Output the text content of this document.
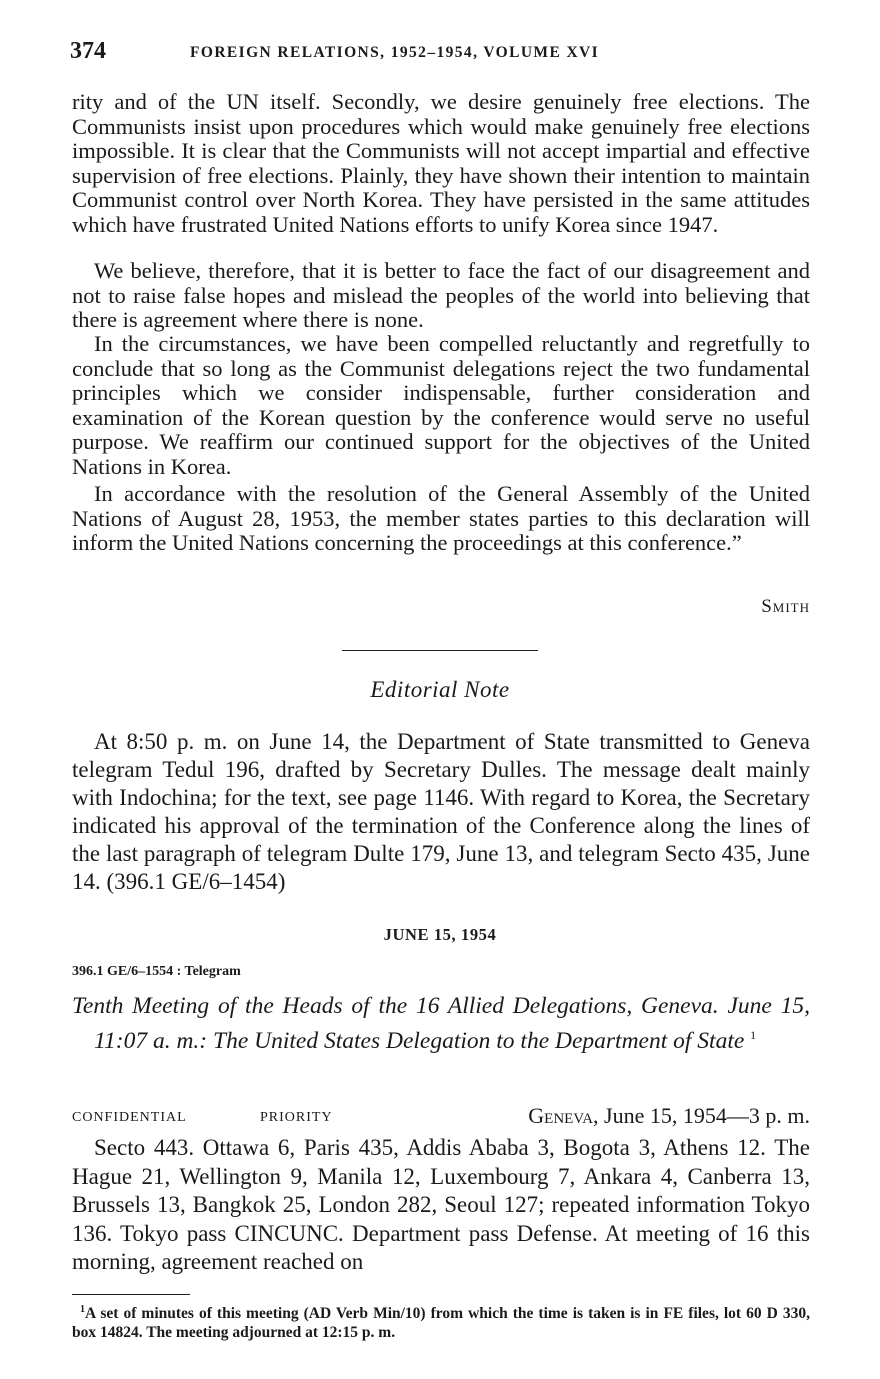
374	FOREIGN RELATIONS, 1952–1954, VOLUME XVI

rity and of the UN itself. Secondly, we desire genuinely free elections. The Communists insist upon procedures which would make genuinely free elections impossible. It is clear that the Communists will not accept impartial and effective supervision of free elections. Plainly, they have shown their intention to maintain Communist control over North Korea. They have persisted in the same attitudes which have frustrated United Nations efforts to unify Korea since 1947.

We believe, therefore, that it is better to face the fact of our disagreement and not to raise false hopes and mislead the peoples of the world into believing that there is agreement where there is none.

In the circumstances, we have been compelled reluctantly and regretfully to conclude that so long as the Communist delegations reject the two fundamental principles which we consider indispensable, further consideration and examination of the Korean question by the conference would serve no useful purpose. We reaffirm our continued support for the objectives of the United Nations in Korea.

In accordance with the resolution of the General Assembly of the United Nations of August 28, 1953, the member states parties to this declaration will inform the United Nations concerning the proceedings at this conference.”

Smith
Editorial Note

At 8:50 p. m. on June 14, the Department of State transmitted to Geneva telegram Tedul 196, drafted by Secretary Dulles. The message dealt mainly with Indochina; for the text, see page 1146. With regard to Korea, the Secretary indicated his approval of the termination of the Conference along the lines of the last paragraph of telegram Dulte 179, June 13, and telegram Secto 435, June 14. (396.1 GE/6–1454)

JUNE 15, 1954
396.1 GE/6–1554 : Telegram

Tenth Meeting of the Heads of the 16 Allied Delegations, Geneva. June 15, 11:07 a. m.: The United States Delegation to the Department of State $^1$

CONFIDENTIAL	PRIORITY	Geneva, June 15, 1954—3 p. m.

Secto 443. Ottawa 6, Paris 435, Addis Ababa 3, Bogota 3, Athens 12. The Hague 21, Wellington 9, Manila 12, Luxembourg 7, Ankara 4, Canberra 13, Brussels 13, Bangkok 25, London 282, Seoul 127; repeated information Tokyo 136. Tokyo pass CINCUNC. Department pass Defense. At meeting of 16 this morning, agreement reached on

$^1$A set of minutes of this meeting (AD Verb Min/10) from which the time is taken is in FE files, lot 60 D 330, box 14824. The meeting adjourned at 12:15 p. m.
